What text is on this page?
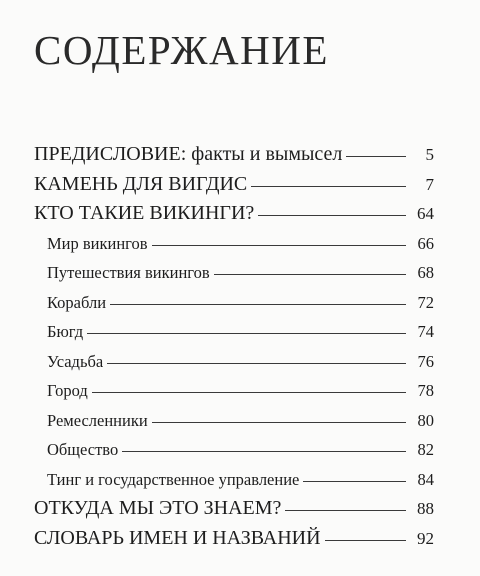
СОДЕРЖАНИЕ
ПРЕДИСЛОВИЕ: факты и вымысел	5
КАМЕНЬ ДЛЯ ВИГДИС	7
КТО ТАКИЕ ВИКИНГИ?	64
Мир викингов	66
Путешествия викингов	68
Корабли	72
Бюгд	74
Усадьба	76
Город	78
Ремесленники	80
Общество	82
Тинг и государственное управление	84
ОТКУДА МЫ ЭТО ЗНАЕМ?	88
СЛОВАРЬ ИМЕН И НАЗВАНИЙ	92
